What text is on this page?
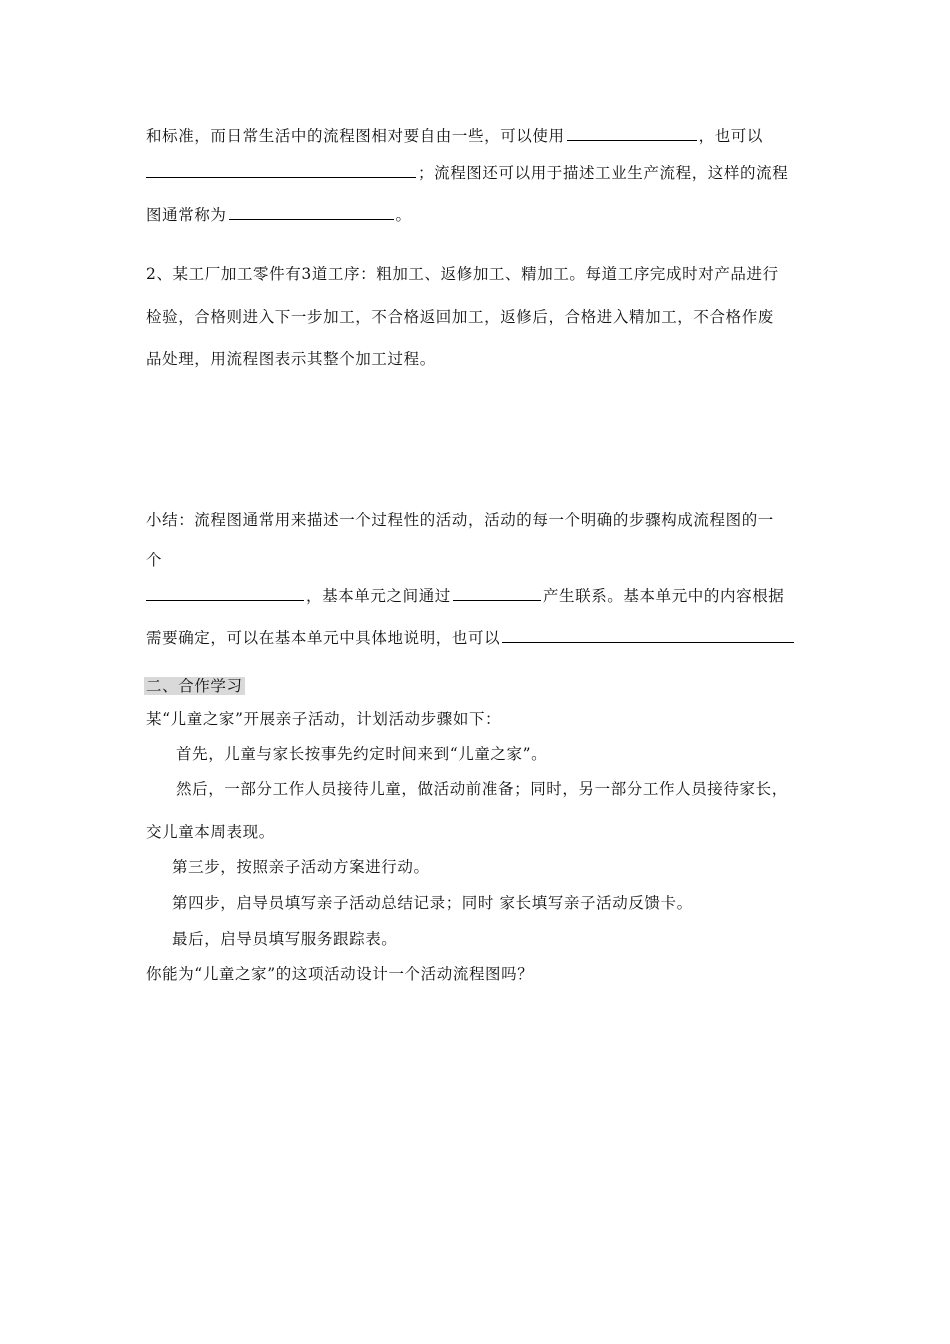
和标准，而日常生活中的流程图相对要自由一些，可以使用	，也可以
；流程图还可以用于描述工业生产流程，这样的流程
图通常称为	。
2、某工厂加工零件有3道工序：粗加工、返修加工、精加工。每道工序完成时对产品进行
检验，合格则进入下一步加工，不合格返回加工，返修后，合格进入精加工，不合格作废
品处理，用流程图表示其整个加工过程。
小结：流程图通常用来描述一个过程性的活动，活动的每一个明确的步骤构成流程图的一
个
，基本单元之间通过	产生联系。基本单元中的内容根据
需要确定，可以在基本单元中具体地说明，也可以
二、合作学习
某“儿童之家”开展亲子活动，计划活动步骤如下：
首先，儿童与家长按事先约定时间来到“儿童之家”。
然后，一部分工作人员接待儿童，做活动前准备；同时，另一部分工作人员接待家长，
交儿童本周表现。
第三步，按照亲子活动方案进行动。
第四步，启导员填写亲子活动总结记录；同时 家长填写亲子活动反馈卡。
最后，启导员填写服务跟踪表。
你能为“儿童之家”的这项活动设计一个活动流程图吗？
